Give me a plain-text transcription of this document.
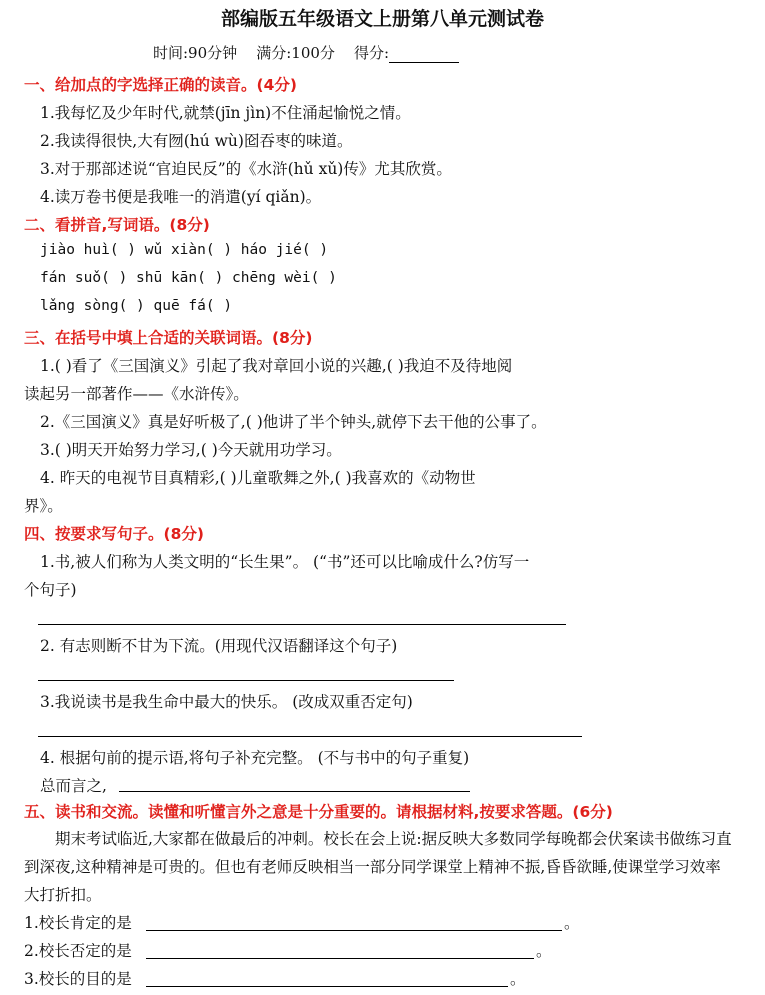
部编版五年级语文上册第八单元测试卷
时间:90分钟 满分:100分 得分:
一、给加点的字选择正确的读音。(4分)
1.我每忆及少年时代,就禁(jīn jìn)不住涌起愉悦之情。
2.我读得很快,大有囫(hú wù)囵吞枣的味道。
3.对于那部述说“官迫民反”的《水浒(hǔ xǔ)传》尤其欣赏。
4.读万卷书便是我唯一的消遣(yí qiǎn)。
二、看拼音,写词语。(8分)
jiào huì( ) wǔ xiàn( ) háo jié( )
fán suǒ( ) shū kān( ) chēng wèi( )
lǎng sòng( ) quē fá( )
三、在括号中填上合适的关联词语。(8分)
1.( )看了《三国演义》引起了我对章回小说的兴趣,( )我迫不及待地阅
读起另一部著作——《水浒传》。
2.《三国演义》真是好听极了,( )他讲了半个钟头,就停下去干他的公事了。
3.( )明天开始努力学习,( )今天就用功学习。
4. 昨天的电视节目真精彩,( )儿童歌舞之外,( )我喜欢的《动物世
界》。
四、按要求写句子。(8分)
1.书,被人们称为人类文明的“长生果”。 (“书”还可以比喻成什么?仿写一
个句子)
2. 有志则断不甘为下流。(用现代汉语翻译这个句子)
3.我说读书是我生命中最大的快乐。 (改成双重否定句)
4. 根据句前的提示语,将句子补充完整。 (不与书中的句子重复)
总而言之,
五、读书和交流。读懂和听懂言外之意是十分重要的。请根据材料,按要求答题。(6分)
期末考试临近,大家都在做最后的冲刺。校长在会上说:据反映大多数同学每晚都会伏案读书做练习直到深夜,这种精神是可贵的。但也有老师反映相当一部分同学课堂上精神不振,昏昏欲睡,使课堂学习效率大打折扣。
1.校长肯定的是	。
2.校长否定的是	。
3.校长的目的是	。
